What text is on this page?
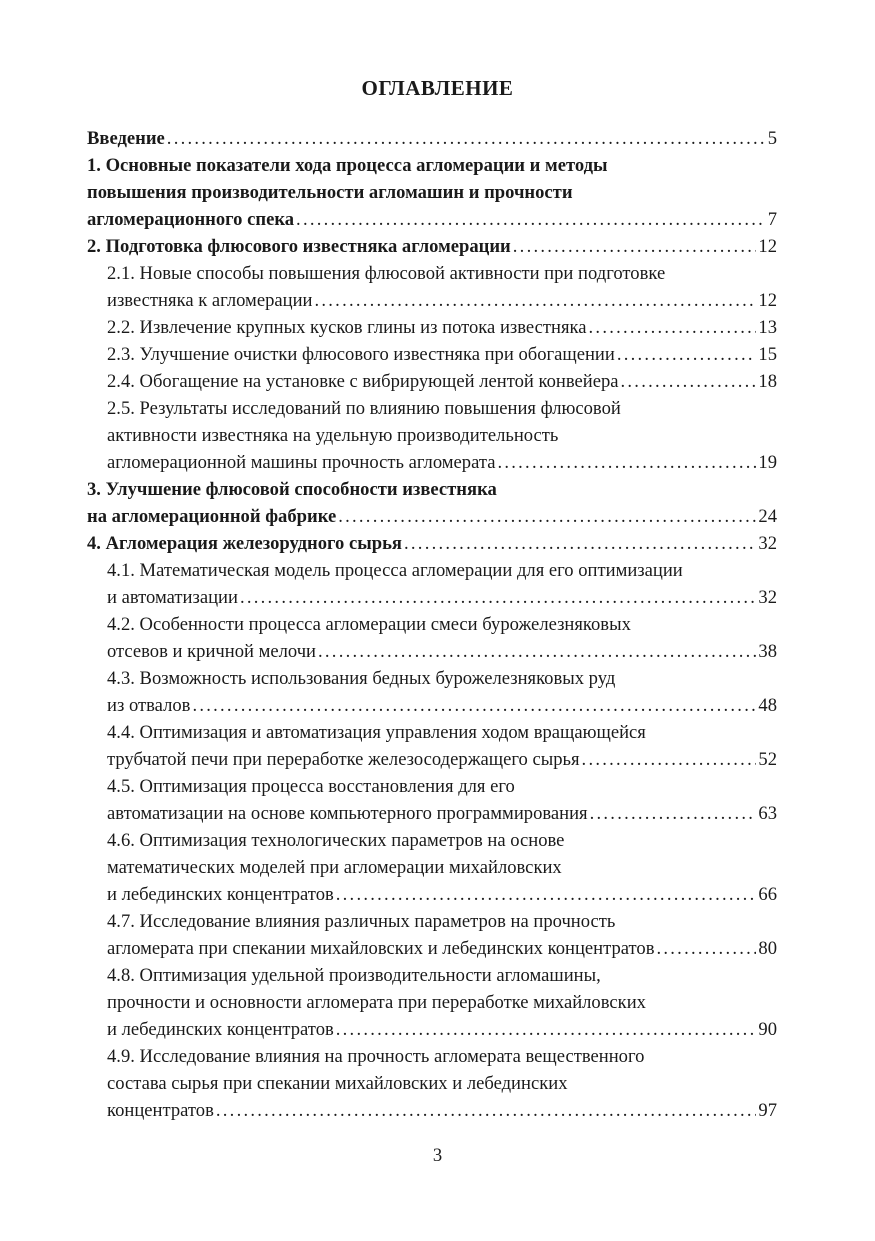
ОГЛАВЛЕНИЕ
Введение . . .	5
1. Основные показатели хода процесса агломерации и методы
повышения производительности агломашин и прочности
агломерационного спека . . .	7
2. Подготовка флюсового известняка агломерации . . .	12
2.1. Новые способы повышения флюсовой активности при подготовке
известняка к агломерации . . .	12
2.2. Извлечение крупных кусков глины из потока известняка . . .	13
2.3. Улучшение очистки флюсового известняка при обогащении . . .	15
2.4. Обогащение на установке с вибрирующей лентой конвейера . . .	18
2.5. Результаты исследований по влиянию повышения флюсовой
активности известняка на удельную производительность
агломерационной машины прочность агломерата . . .	19
3. Улучшение флюсовой способности известняка
на агломерационной фабрике . . .	24
4. Агломерация железорудного сырья . . .	32
4.1. Математическая модель процесса агломерации для его оптимизации
и автоматизации . . .	32
4.2. Особенности процесса агломерации смеси бурожелезняковых
отсевов и кричной мелочи . . .	38
4.3. Возможность использования бедных бурожелезняковых руд
из отвалов . . .	48
4.4. Оптимизация и автоматизация управления ходом вращающейся
трубчатой печи при переработке железосодержащего сырья . . .	52
4.5. Оптимизация процесса восстановления для его
автоматизации на основе компьютерного программирования . . .	63
4.6. Оптимизация технологических параметров на основе
математических моделей при агломерации михайловских
и лебединских концентратов . . .	66
4.7. Исследование влияния различных параметров на прочность
агломерата при спекании михайловских и лебединских концентратов . . .	80
4.8. Оптимизация удельной производительности агломашины,
прочности и основности агломерата при переработке михайловских
и лебединских концентратов . . .	90
4.9. Исследование влияния на прочность агломерата вещественного
состава сырья при спекании михайловских и лебединских
концентратов . . .	97
3
